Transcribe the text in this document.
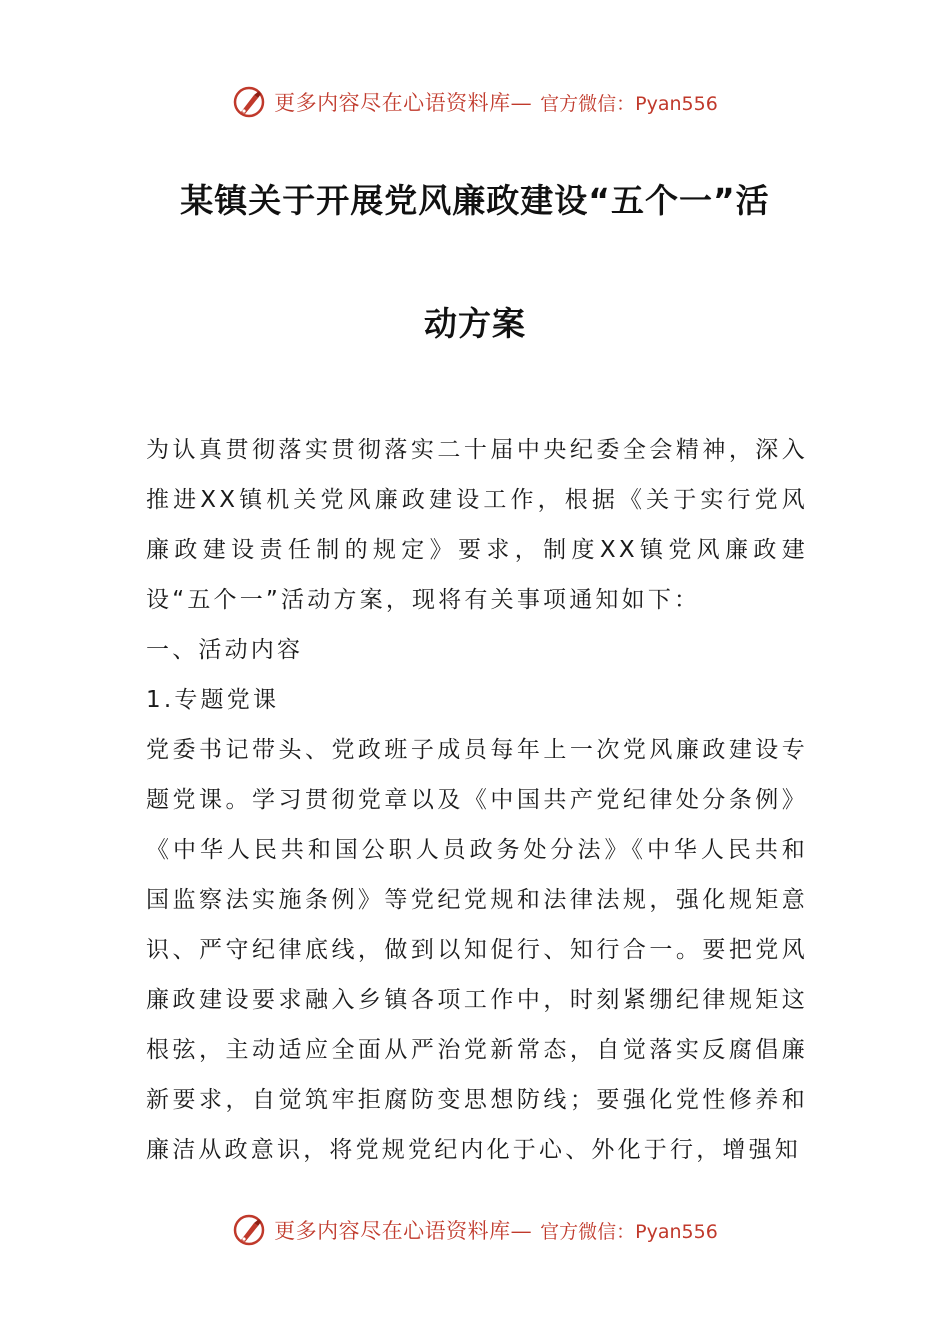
更多内容尽在心语资料库— 官方微信：Pyan556
某镇关于开展党风廉政建设“五个一”活
动方案

为认真贯彻落实贯彻落实二十届中央纪委全会精神，深入推进XX镇机关党风廉政建设工作，根据《关于实行党风廉政建设责任制的规定》要求，制度XX镇党风廉政建设“五个一”活动方案，现将有关事项通知如下：

一、活动内容

1.专题党课

党委书记带头、党政班子成员每年上一次党风廉政建设专题党课。学习贯彻党章以及《中国共产党纪律处分条例》《中华人民共和国公职人员政务处分法》《中华人民共和国监察法实施条例》等党纪党规和法律法规，强化规矩意识、严守纪律底线，做到以知促行、知行合一。要把党风廉政建设要求融入乡镇各项工作中，时刻紧绷纪律规矩这根弦，主动适应全面从严治党新常态，自觉落实反腐倡廉新要求，自觉筑牢拒腐防变思想防线；要强化党性修养和廉洁从政意识，将党规党纪内化于心、外化于行，增强知

更多内容尽在心语资料库— 官方微信：Pyan556
